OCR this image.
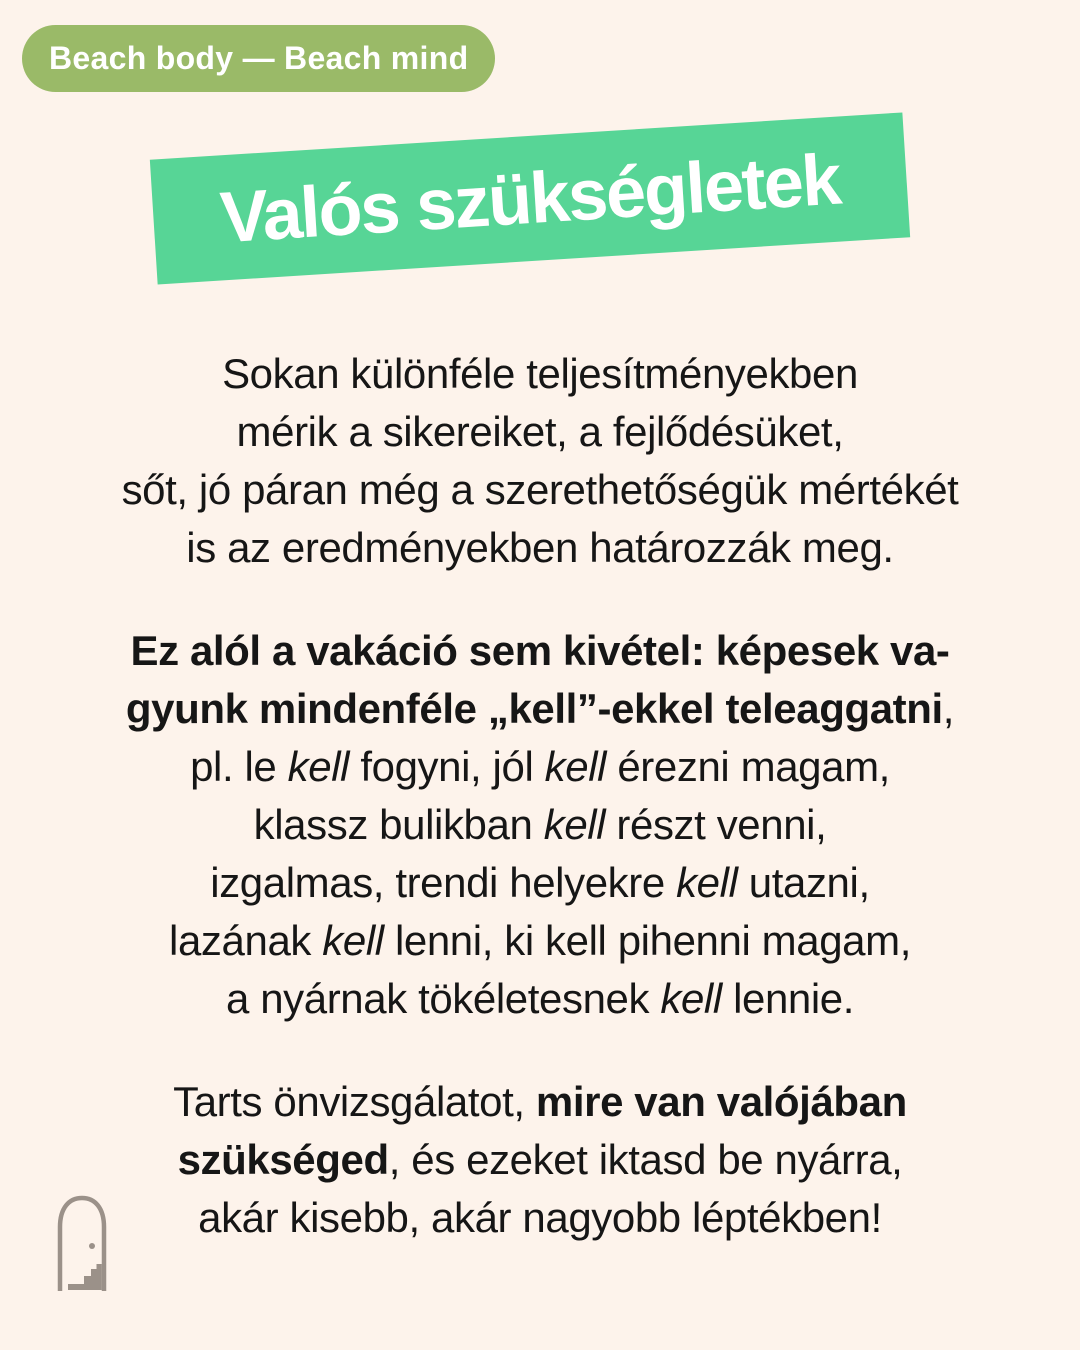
Beach body — Beach mind
Valós szükségletek

Sokan különféle teljesítményekben
mérik a sikereiket, a fejlődésüket,
sőt, jó páran még a szerethetőségük mértékét
is az eredményekben határozzák meg.

Ez alól a vakáció sem kivétel: képesek va-
gyunk mindenféle „kell”-ekkel teleaggatni,
pl. le kell fogyni, jól kell érezni magam,
klassz bulikban kell részt venni,
izgalmas, trendi helyekre kell utazni,
lazának kell lenni, ki kell pihenni magam,
a nyárnak tökéletesnek kell lennie.

Tarts önvizsgálatot, mire van valójában
szükséged, és ezeket iktasd be nyárra,
akár kisebb, akár nagyobb léptékben!
